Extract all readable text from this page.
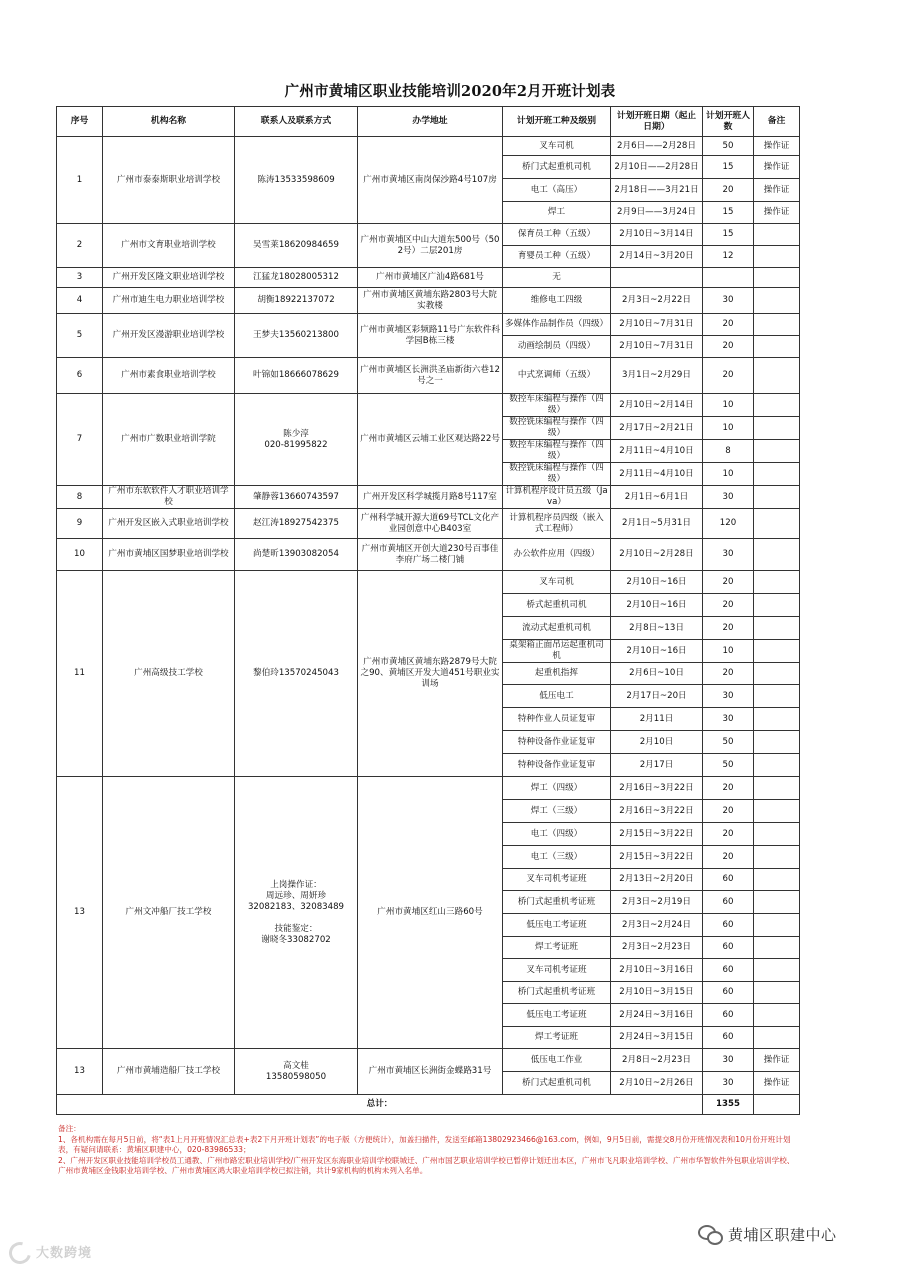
广州市黄埔区职业技能培训2020年2月开班计划表
序号	机构名称	联系人及联系方式	办学地址	计划开班工种及级别	计划开班日期（起止日期）	计划开班人数	备注
1	广州市泰泰斯职业培训学校	陈涛13533598609	广州市黄埔区南岗保沙路4号107房	叉车司机	2月6日——2月28日	50	操作证
				桥门式起重机司机	2月10日——2月28日	15	操作证
				电工（高压）	2月18日——3月21日	20	操作证
				焊工	2月9日——3月24日	15	操作证
2	广州市文育职业培训学校	吴雪莱18620984659	广州市黄埔区中山大道东500号（502号）二层201房	保育员工种（五级）	2月10日~3月14日	15	
				育婴员工种（五级）	2月14日~3月20日	12	
3	广州开发区隆文职业培训学校	江猛龙18028005312	广州市黄埔区广汕4路681号	无			
4	广州市迪生电力职业培训学校	胡衡18922137072	广州市黄埔区黄埔东路2803号大院实教楼	维修电工四级	2月3日~2月22日	30	
5	广州开发区漫游职业培训学校	王梦夫13560213800	广州市黄埔区彩频路11号广东软件科学园B栋三楼	多媒体作品制作员（四级）	2月10日~7月31日	20	
				动画绘制员（四级）	2月10日~7月31日	20	
6	广州市素食职业培训学校	叶锦如18666078629	广州市黄埔区长洲洪圣庙新街六巷12号之一	中式烹调师（五级）	3月1日~2月29日	20	
7	广州市广数职业培训学院	陈少淳
020-81995822	广州市黄埔区云埔工业区观达路22号	数控车床编程与操作（四级）	2月10日~2月14日	10	
				数控铣床编程与操作（四级）	2月17日~2月21日	10	
				数控车床编程与操作（四级）	2月11日~4月10日	8	
				数控铣床编程与操作（四级）	2月11日~4月10日	10	
8	广州市东软软件人才职业培训学校	肇静蓉13660743597	广州开发区科学城揽月路8号117室	计算机程序设计员五级（Java）	2月1日~6月1日	30	
9	广州开发区嵌入式职业培训学校	赵江涛18927542375	广州科学城开源大道69号TCL文化产业园创意中心B403室	计算机程序员四级（嵌入式工程师）	2月1日~5月31日	120	
10	广州市黄埔区国梦职业培训学校	尚楚昕13903082054	广州市黄埔区开创大道230号百事佳李府广场二楼门铺	办公软件应用（四级）	2月10日~2月28日	30	
11	广州高级技工学校	黎伯玲13570245043	广州市黄埔区黄埔东路2879号大院之90、黄埔区开发大道451号职业实训场	叉车司机	2月10日~16日	20	
				桥式起重机司机	2月10日~16日	20	
				流动式起重机司机	2月8日~13日	20	
				桌架箱正面吊运起重机司机	2月10日~16日	10	
				起重机指挥	2月6日~10日	20	
				低压电工	2月17日~20日	30	
				特种作业人员证复审	2月11日	30	
				特种设备作业证复审	2月10日	50	
				特种设备作业证复审	2月17日	50	
13	广州文冲船厂技工学校	上岗操作证：
周远珍、周妍珍
32082183、32083489

技能鉴定：
谢晓冬33082702	广州市黄埔区红山三路60号	焊工（四级）	2月16日~3月22日	20	
				焊工（三级）	2月16日~3月22日	20	
				电工（四级）	2月15日~3月22日	20	
				电工（三级）	2月15日~3月22日	20	
				叉车司机考证班	2月13日~2月20日	60	
				桥门式起重机考证班	2月3日~2月19日	60	
				低压电工考证班	2月3日~2月24日	60	
				焊工考证班	2月3日~2月23日	60	
				叉车司机考证班	2月10日~3月16日	60	
				桥门式起重机考证班	2月10日~3月15日	60	
				低压电工考证班	2月24日~3月16日	60	
				焊工考证班	2月24日~3月15日	60	
13	广州市黄埔造船厂技工学校	高文桂
13580598050	广州市黄埔区长洲街金蝶路31号	低压电工作业	2月8日~2月23日	30	操作证
				桥门式起重机司机	2月10日~2月26日	30	操作证
总计：						1355	

备注：

1、各机构需在每月5日前，将“表1上月开班情况汇总表+表2下月开班计划表”的电子版（方便统计），加盖扫描件，发送至邮箱13802923466@163.com，例如，9月5日前，需提交8月份开班情况表和10月份开班计划表，有疑问请联系：黄埔区职建中心，020-83986533；

2、广州开发区职业技能培训学校员工通教、广州市路宏职业培训学校/广州开发区东海职业培训学校联城迁、广州市国艺职业培训学校已暂停计划迁出本区，广州市飞凡职业培训学校、广州市华智软件外包职业培训学校、广州市黄埔区金钱职业培训学校、广州市黄埔区鸿大职业培训学校已拟注销，共计9家机构的机构未列入名单。

黄埔区职建中心
大数跨境
